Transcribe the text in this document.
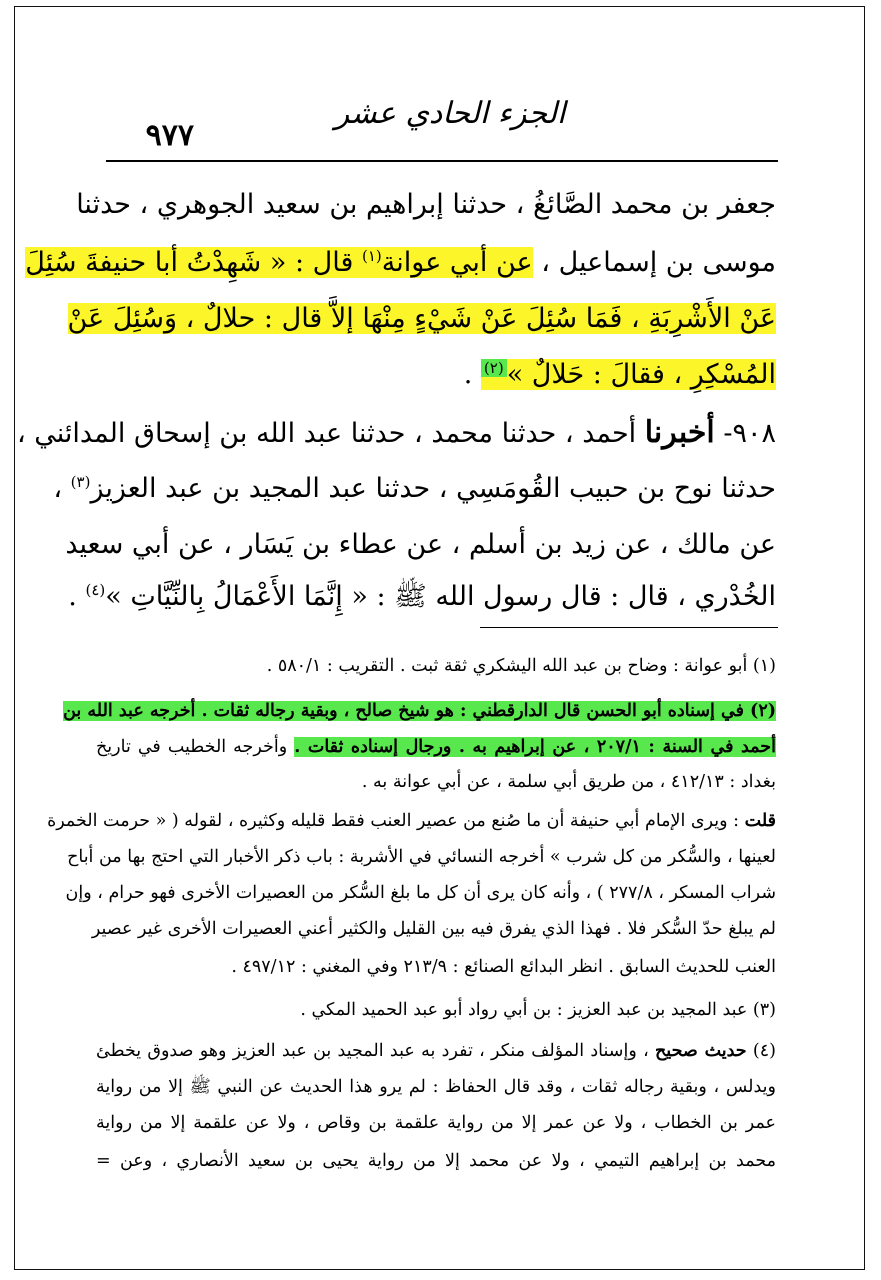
الجزء الحادي عشر
٩٧٧
جعفر بن محمد الصَّائغُ ، حدثنا إبراهيم بن سعيد الجوهري ، حدثنا
موسى بن إسماعيل ، عن أبي عوانة$^{(١)}$ قال : « شَهِدْتُ أبا حنيفةَ سُئِلَ
عَنْ الأَشْرِبَةِ ، فَمَا سُئِلَ عَنْ شَيْءٍ مِنْهَا إلاَّ قال : حلالٌ ، وَسُئِلَ عَنْ
المُسْكِرِ ، فقالَ : حَلالٌ »$^{(٢)}$ .
٩٠٨- أخبرنا أحمد ، حدثنا محمد ، حدثنا عبد الله بن إسحاق المدائني ،
حدثنا نوح بن حبيب القُومَسِي ، حدثنا عبد المجيد بن عبد العزيز$^{(٣)}$ ،
عن مالك ، عن زيد بن أسلم ، عن عطاء بن يَسَار ، عن أبي سعيد
الخُدْري ، قال : قال رسول الله ﷺ : « إِنَّمَا الأَعْمَالُ بِالنِّيَّاتِ »$^{(٤)}$ .
(١) أبو عوانة : وضاح بن عبد الله اليشكري ثقة ثبت . التقريب : ٥٨٠/١ .
(٢) في إسناده أبو الحسن قال الدارقطني : هو شيخ صالح ، وبقية رجاله ثقات . أخرجه عبد الله بن
أحمد في السنة : ٢٠٧/١ ، عن إبراهيم به . ورجال إسناده ثقات . وأخرجه الخطيب في تاريخ
بغداد : ٤١٢/١٣ ، من طريق أبي سلمة ، عن أبي عوانة به .
قلت : ويرى الإمام أبي حنيفة أن ما صُنع من عصير العنب فقط قليله وكثيره ، لقوله ( « حرمت الخمرة
لعينها ، والسُّكر من كل شرب » أخرجه النسائي في الأشربة : باب ذكر الأخبار التي احتج بها من أباح
شراب المسكر ، ٢٧٧/٨ ) ، وأنه كان يرى أن كل ما بلغ السُّكر من العصيرات الأخرى فهو حرام ، وإن
لم يبلغ حدّ السُّكر فلا . فهذا الذي يفرق فيه بين القليل والكثير أعني العصيرات الأخرى غير عصير
العنب للحديث السابق . انظر البدائع الصنائع : ٢١٣/٩ وفي المغني : ٤٩٧/١٢ .
(٣) عبد المجيد بن عبد العزيز : بن أبي رواد أبو عبد الحميد المكي .
(٤) حديث صحيح ، وإسناد المؤلف منكر ، تفرد به عبد المجيد بن عبد العزيز وهو صدوق يخطئ
ويدلس ، وبقية رجاله ثقات ، وقد قال الحفاظ : لم يرو هذا الحديث عن النبي ﷺ إلا من رواية
عمر بن الخطاب ، ولا عن عمر إلا من رواية علقمة بن وقاص ، ولا عن علقمة إلا من رواية
محمد بن إبراهيم التيمي ، ولا عن محمد إلا من رواية يحيى بن سعيد الأنصاري ، وعن =
